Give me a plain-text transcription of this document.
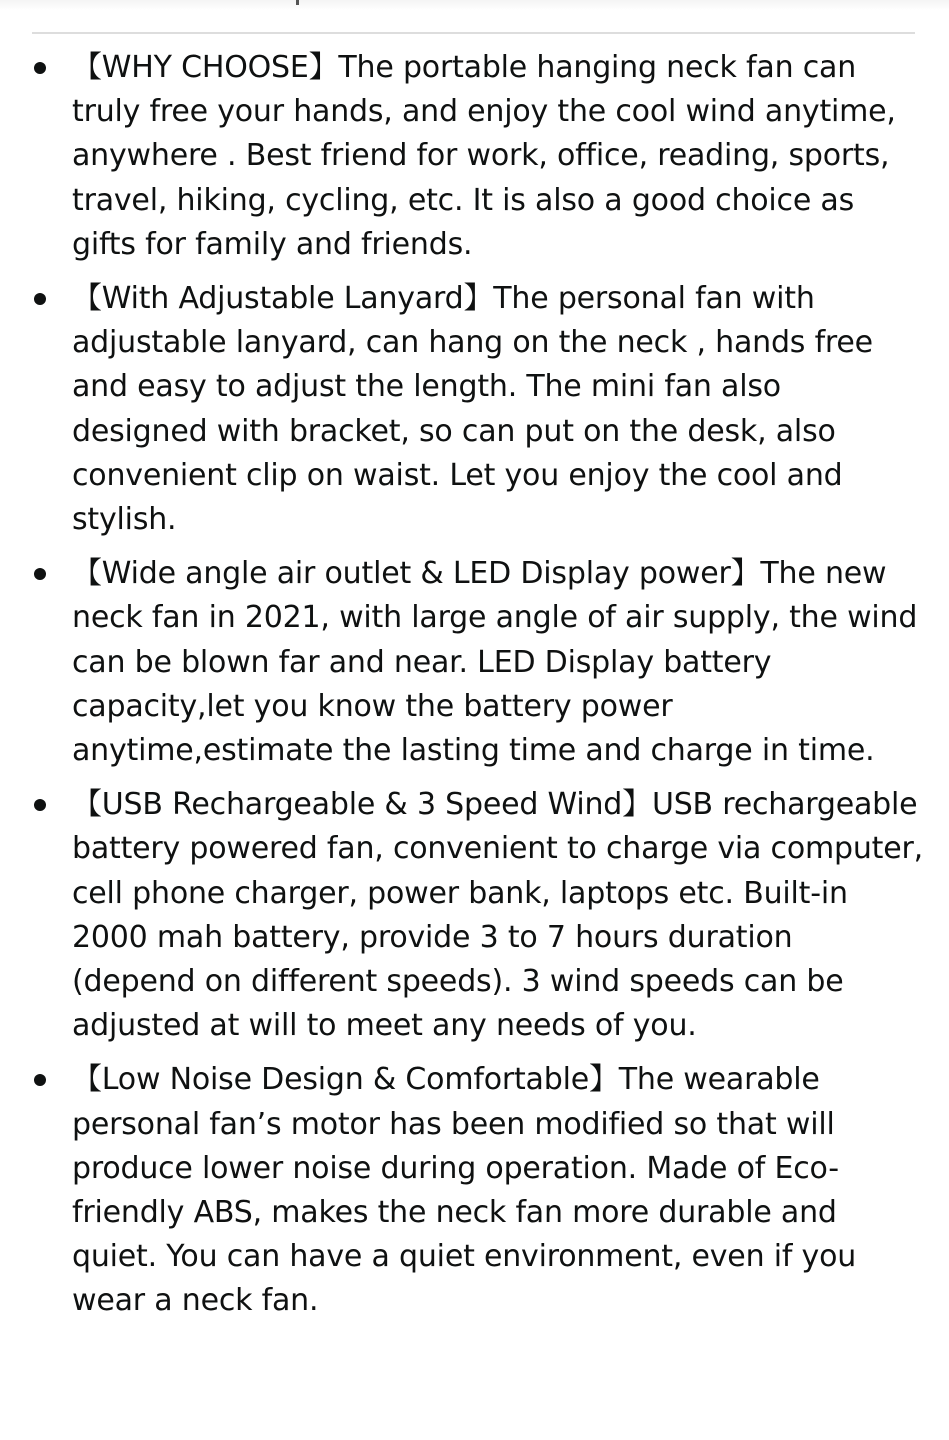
【WHY CHOOSE】The portable hanging neck fan can truly free your hands, and enjoy the cool wind anytime, anywhere . Best friend for work, office, reading, sports, travel, hiking, cycling, etc. It is also a good choice as gifts for family and friends.
【With Adjustable Lanyard】The personal fan with adjustable lanyard, can hang on the neck , hands free and easy to adjust the length. The mini fan also designed with bracket, so can put on the desk, also convenient clip on waist. Let you enjoy the cool and stylish.
【Wide angle air outlet & LED Display power】The new neck fan in 2021, with large angle of air supply, the wind can be blown far and near. LED Display battery capacity,let you know the battery power anytime,estimate the lasting time and charge in time.
【USB Rechargeable & 3 Speed Wind】USB rechargeable battery powered fan, convenient to charge via computer, cell phone charger, power bank, laptops etc. Built-in 2000 mah battery, provide 3 to 7 hours duration (depend on different speeds). 3 wind speeds can be adjusted at will to meet any needs of you.
【Low Noise Design & Comfortable】The wearable personal fan’s motor has been modified so that will produce lower noise during operation. Made of Eco-friendly ABS, makes the neck fan more durable and quiet. You can have a quiet environment, even if you wear a neck fan.
